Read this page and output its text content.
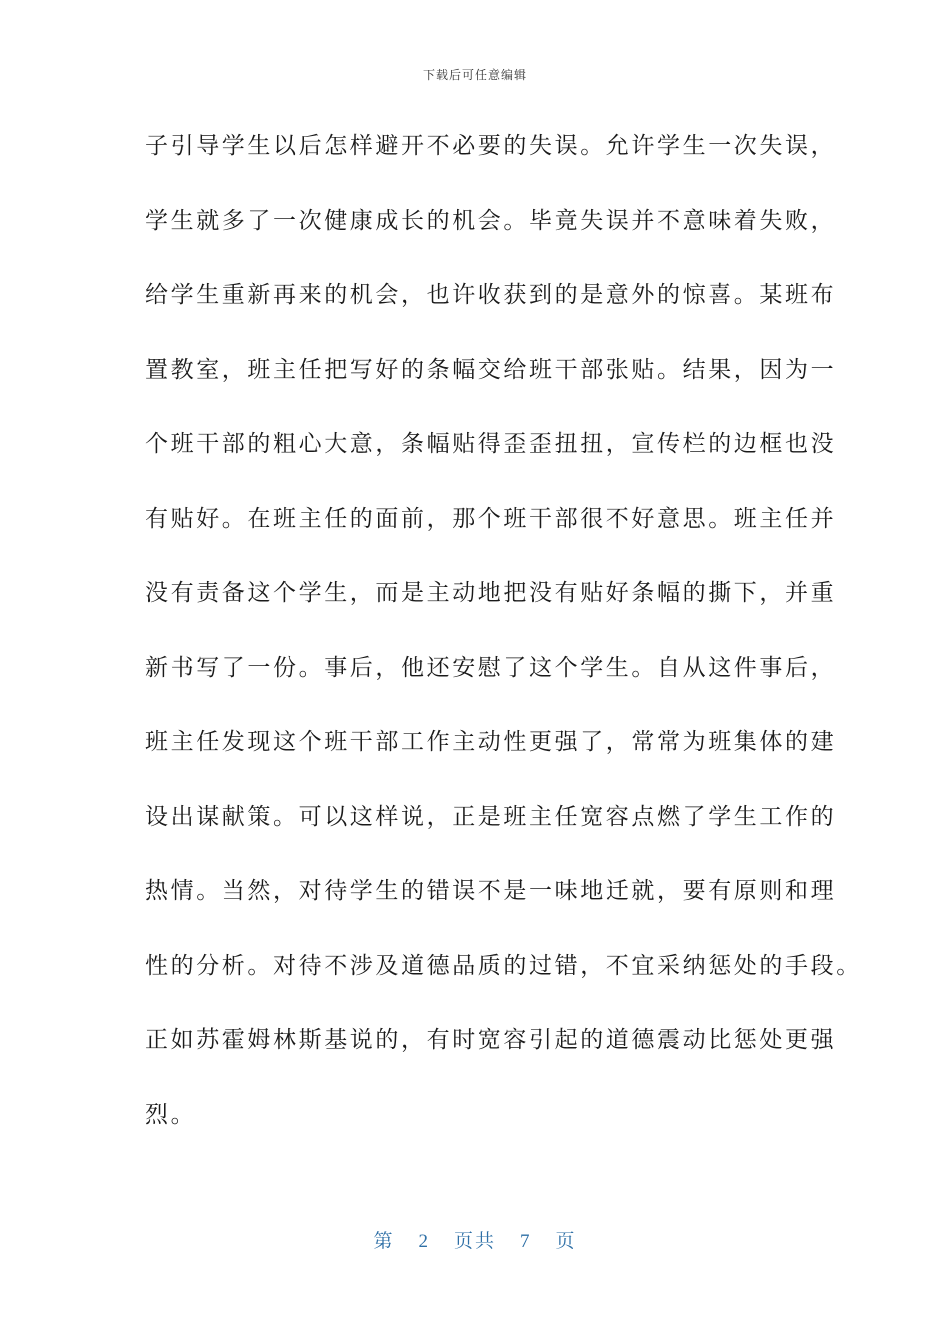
下载后可任意编辑
子引导学生以后怎样避开不必要的失误。允许学生一次失误，
学生就多了一次健康成长的机会。毕竟失误并不意味着失败，
给学生重新再来的机会，也许收获到的是意外的惊喜。某班布
置教室，班主任把写好的条幅交给班干部张贴。结果，因为一
个班干部的粗心大意，条幅贴得歪歪扭扭，宣传栏的边框也没
有贴好。在班主任的面前，那个班干部很不好意思。班主任并
没有责备这个学生，而是主动地把没有贴好条幅的撕下，并重
新书写了一份。事后，他还安慰了这个学生。自从这件事后，
班主任发现这个班干部工作主动性更强了，常常为班集体的建
设出谋献策。可以这样说，正是班主任宽容点燃了学生工作的
热情。当然，对待学生的错误不是一味地迁就，要有原则和理
性的分析。对待不涉及道德品质的过错，不宜采纳惩处的手段。
正如苏霍姆林斯基说的，有时宽容引起的道德震动比惩处更强
烈。
第 2 页共 7 页
